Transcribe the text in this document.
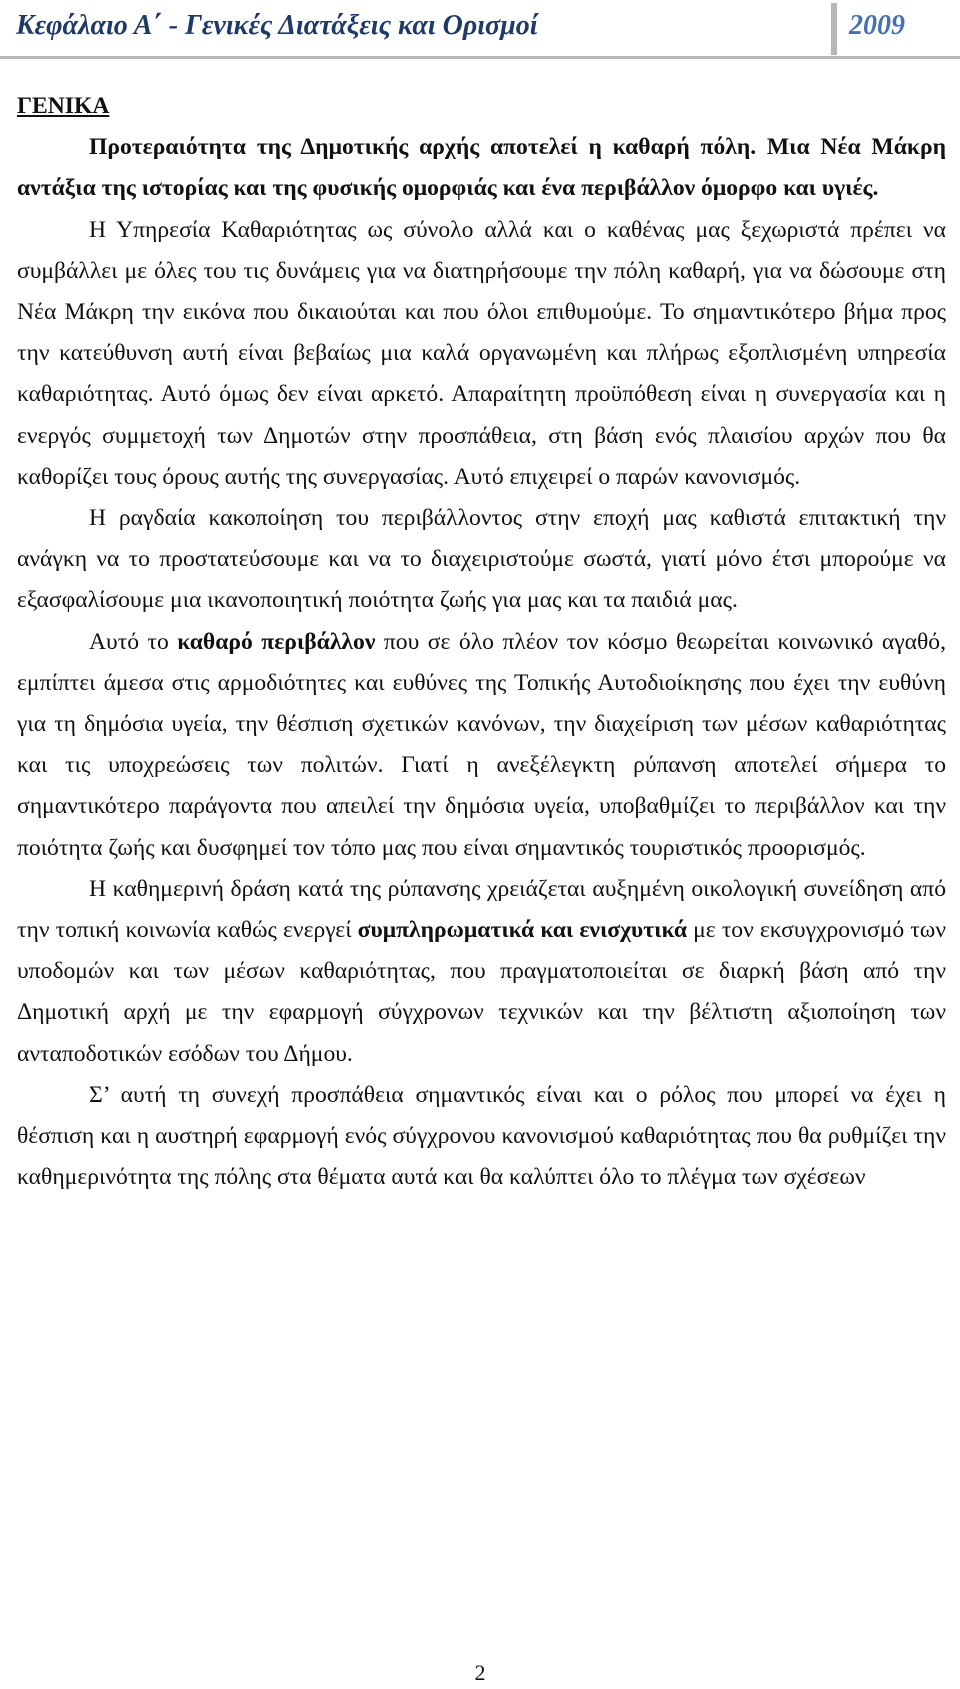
Κεφάλαιο Α΄ - Γενικές Διατάξεις και Ορισμοί	2009

ΓΕΝΙΚΑ

Προτεραιότητα της Δημοτικής αρχής αποτελεί η καθαρή πόλη. Μια Νέα Μάκρη αντάξια της ιστορίας και της φυσικής ομορφιάς και ένα περιβάλλον όμορφο και υγιές.

Η Υπηρεσία Καθαριότητας ως σύνολο αλλά και ο καθένας μας ξεχωριστά πρέπει να συμβάλλει με όλες του τις δυνάμεις για να διατηρήσουμε την πόλη καθαρή, για να δώσουμε στη Νέα Μάκρη την εικόνα που δικαιούται και που όλοι επιθυμούμε. Το σημαντικότερο βήμα προς την κατεύθυνση αυτή είναι βεβαίως μια καλά οργανωμένη και πλήρως εξοπλισμένη υπηρεσία καθαριότητας. Αυτό όμως δεν είναι αρκετό. Απαραίτητη προϋπόθεση είναι η συνεργασία και η ενεργός συμμετοχή των Δημοτών στην προσπάθεια, στη βάση ενός πλαισίου αρχών που θα καθορίζει τους όρους αυτής της συνεργασίας. Αυτό επιχειρεί ο παρών κανονισμός.

Η ραγδαία κακοποίηση του περιβάλλοντος στην εποχή μας καθιστά επιτακτική την ανάγκη να το προστατεύσουμε και να το διαχειριστούμε σωστά, γιατί μόνο έτσι μπορούμε να εξασφαλίσουμε μια ικανοποιητική ποιότητα ζωής για μας και τα παιδιά μας.

Αυτό το καθαρό περιβάλλον που σε όλο πλέον τον κόσμο θεωρείται κοινωνικό αγαθό, εμπίπτει άμεσα στις αρμοδιότητες και ευθύνες της Τοπικής Αυτοδιοίκησης που έχει την ευθύνη για τη δημόσια υγεία, την θέσπιση σχετικών κανόνων, την διαχείριση των μέσων καθαριότητας και τις υποχρεώσεις των πολιτών. Γιατί η ανεξέλεγκτη ρύπανση αποτελεί σήμερα το σημαντικότερο παράγοντα που απειλεί την δημόσια υγεία, υποβαθμίζει το περιβάλλον και την ποιότητα ζωής και δυσφημεί τον τόπο μας που είναι σημαντικός τουριστικός προορισμός.

Η καθημερινή δράση κατά της ρύπανσης χρειάζεται αυξημένη οικολογική συνείδηση από την τοπική κοινωνία καθώς ενεργεί συμπληρωματικά και ενισχυτικά με τον εκσυγχρονισμό των υποδομών και των μέσων καθαριότητας, που πραγματοποιείται σε διαρκή βάση από την Δημοτική αρχή με την εφαρμογή σύγχρονων τεχνικών και την βέλτιστη αξιοποίηση των ανταποδοτικών εσόδων του Δήμου.

Σ’ αυτή τη συνεχή προσπάθεια σημαντικός είναι και ο ρόλος που μπορεί να έχει η θέσπιση και η αυστηρή εφαρμογή ενός σύγχρονου κανονισμού καθαριότητας που θα ρυθμίζει την καθημερινότητα της πόλης στα θέματα αυτά και θα καλύπτει όλο το πλέγμα των σχέσεων

2
